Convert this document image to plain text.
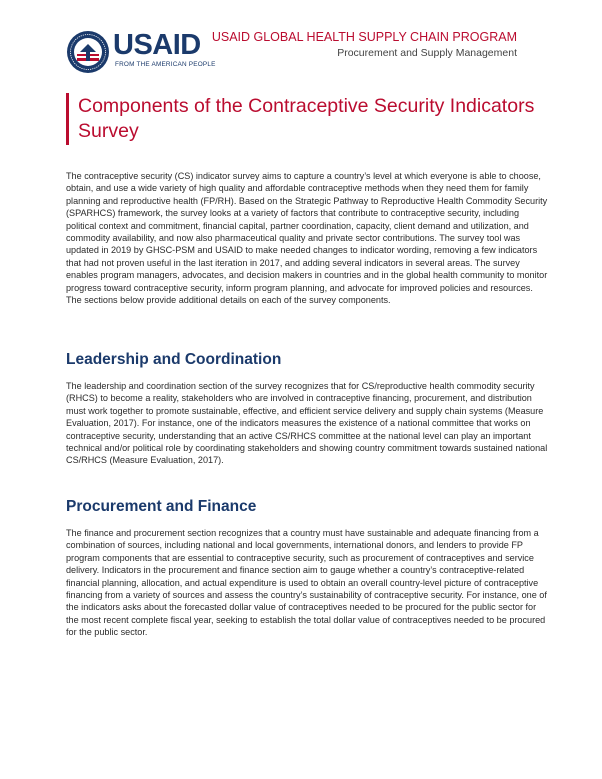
USAID
FROM THE AMERICAN PEOPLE
USAID GLOBAL HEALTH SUPPLY CHAIN PROGRAM
Procurement and Supply Management
Components of the Contraceptive Security Indicators Survey

The contraceptive security (CS) indicator survey aims to capture a country’s level at which everyone is able to choose, obtain, and use a wide variety of high quality and affordable contraceptive methods when they need them for family planning and reproductive health (FP/RH). Based on the Strategic Pathway to Reproductive Health Commodity Security (SPARHCS) framework, the survey looks at a variety of factors that contribute to contraceptive security, including political context and commitment, financial capital, partner coordination, capacity, client demand and utilization, and commodity availability, and now also pharmaceutical quality and private sector contributions. The survey tool was updated in 2019 by GHSC-PSM and USAID to make needed changes to indicator wording, removing a few indicators that had not proven useful in the last iteration in 2017, and adding several indicators in several areas. The survey enables program managers, advocates, and decision makers in countries and in the global health community to monitor progress toward contraceptive security, inform program planning, and advocate for improved policies and resources. The sections below provide additional details on each of the survey components.

Leadership and Coordination

The leadership and coordination section of the survey recognizes that for CS/reproductive health commodity security (RHCS) to become a reality, stakeholders who are involved in contraceptive financing, procurement, and distribution must work together to promote sustainable, effective, and efficient service delivery and supply chain systems (Measure Evaluation, 2017). For instance, one of the indicators measures the existence of a national committee that works on contraceptive security, understanding that an active CS/RHCS committee at the national level can play an important technical and/or political role by coordinating stakeholders and showing country commitment towards sustained national CS/RHCS (Measure Evaluation, 2017).

Procurement and Finance

The finance and procurement section recognizes that a country must have sustainable and adequate financing from a combination of sources, including national and local governments, international donors, and lenders to provide FP program components that are essential to contraceptive security, such as procurement of contraceptives and service delivery. Indicators in the procurement and finance section aim to gauge whether a country’s contraceptive-related financial planning, allocation, and actual expenditure is used to obtain an overall country-level picture of contraceptive financing from a variety of sources and assess the country’s sustainability of contraceptive security. For instance, one of the indicators asks about the forecasted dollar value of contraceptives needed to be procured for the public sector for the most recent complete fiscal year, seeking to establish the total dollar value of contraceptives needed to be procured for the public sector.
